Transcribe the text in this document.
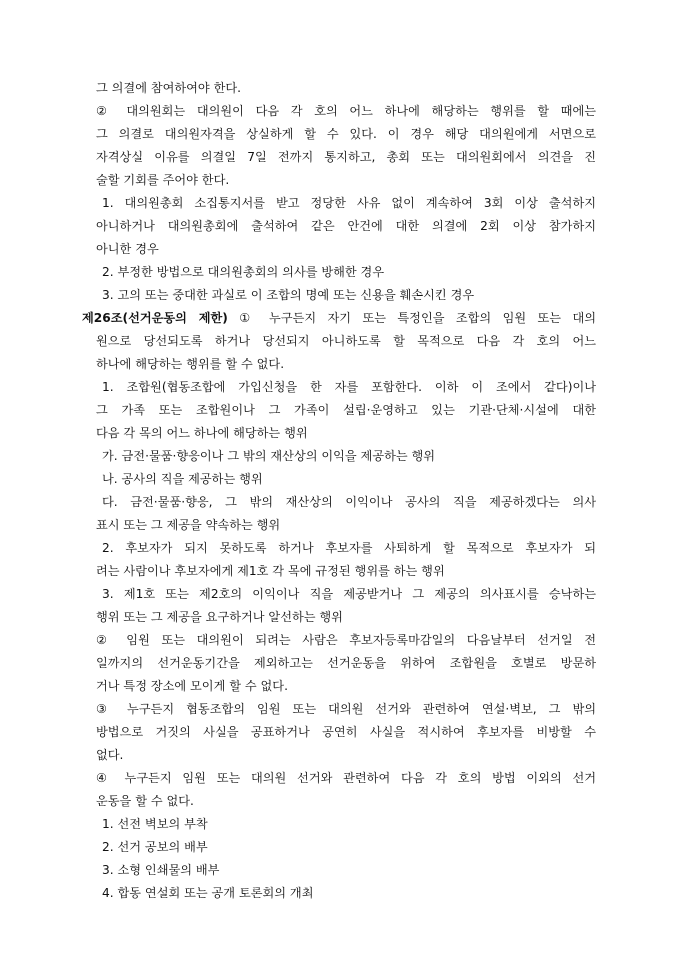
그 의결에 참여하여야 한다.
② 대의원회는 대의원이 다음 각 호의 어느 하나에 해당하는 행위를 할 때에는
그 의결로 대의원자격을 상실하게 할 수 있다. 이 경우 해당 대의원에게 서면으로
자격상실 이유를 의결일 7일 전까지 통지하고, 총회 또는 대의원회에서 의견을 진
술할 기회를 주어야 한다.
1. 대의원총회 소집통지서를 받고 정당한 사유 없이 계속하여 3회 이상 출석하지
아니하거나 대의원총회에 출석하여 같은 안건에 대한 의결에 2회 이상 참가하지
아니한 경우
2. 부정한 방법으로 대의원총회의 의사를 방해한 경우
3. 고의 또는 중대한 과실로 이 조합의 명예 또는 신용을 훼손시킨 경우
제26조(선거운동의 제한) ① 누구든지 자기 또는 특정인을 조합의 임원 또는 대의
원으로 당선되도록 하거나 당선되지 아니하도록 할 목적으로 다음 각 호의 어느
하나에 해당하는 행위를 할 수 없다.
1. 조합원(협동조합에 가입신청을 한 자를 포함한다. 이하 이 조에서 같다)이나
그 가족 또는 조합원이나 그 가족이 설립·운영하고 있는 기관·단체·시설에 대한
다음 각 목의 어느 하나에 해당하는 행위
가. 금전·물품·향응이나 그 밖의 재산상의 이익을 제공하는 행위
나. 공사의 직을 제공하는 행위
다. 금전·물품·향응, 그 밖의 재산상의 이익이나 공사의 직을 제공하겠다는 의사
표시 또는 그 제공을 약속하는 행위
2. 후보자가 되지 못하도록 하거나 후보자를 사퇴하게 할 목적으로 후보자가 되
려는 사람이나 후보자에게 제1호 각 목에 규정된 행위를 하는 행위
3. 제1호 또는 제2호의 이익이나 직을 제공받거나 그 제공의 의사표시를 승낙하는
행위 또는 그 제공을 요구하거나 알선하는 행위
② 임원 또는 대의원이 되려는 사람은 후보자등록마감일의 다음날부터 선거일 전
일까지의 선거운동기간을 제외하고는 선거운동을 위하여 조합원을 호별로 방문하
거나 특정 장소에 모이게 할 수 없다.
③ 누구든지 협동조합의 임원 또는 대의원 선거와 관련하여 연설·벽보, 그 밖의
방법으로 거짓의 사실을 공표하거나 공연히 사실을 적시하여 후보자를 비방할 수
없다.
④ 누구든지 임원 또는 대의원 선거와 관련하여 다음 각 호의 방법 이외의 선거
운동을 할 수 없다.
1. 선전 벽보의 부착
2. 선거 공보의 배부
3. 소형 인쇄물의 배부
4. 합동 연설회 또는 공개 토론회의 개최
